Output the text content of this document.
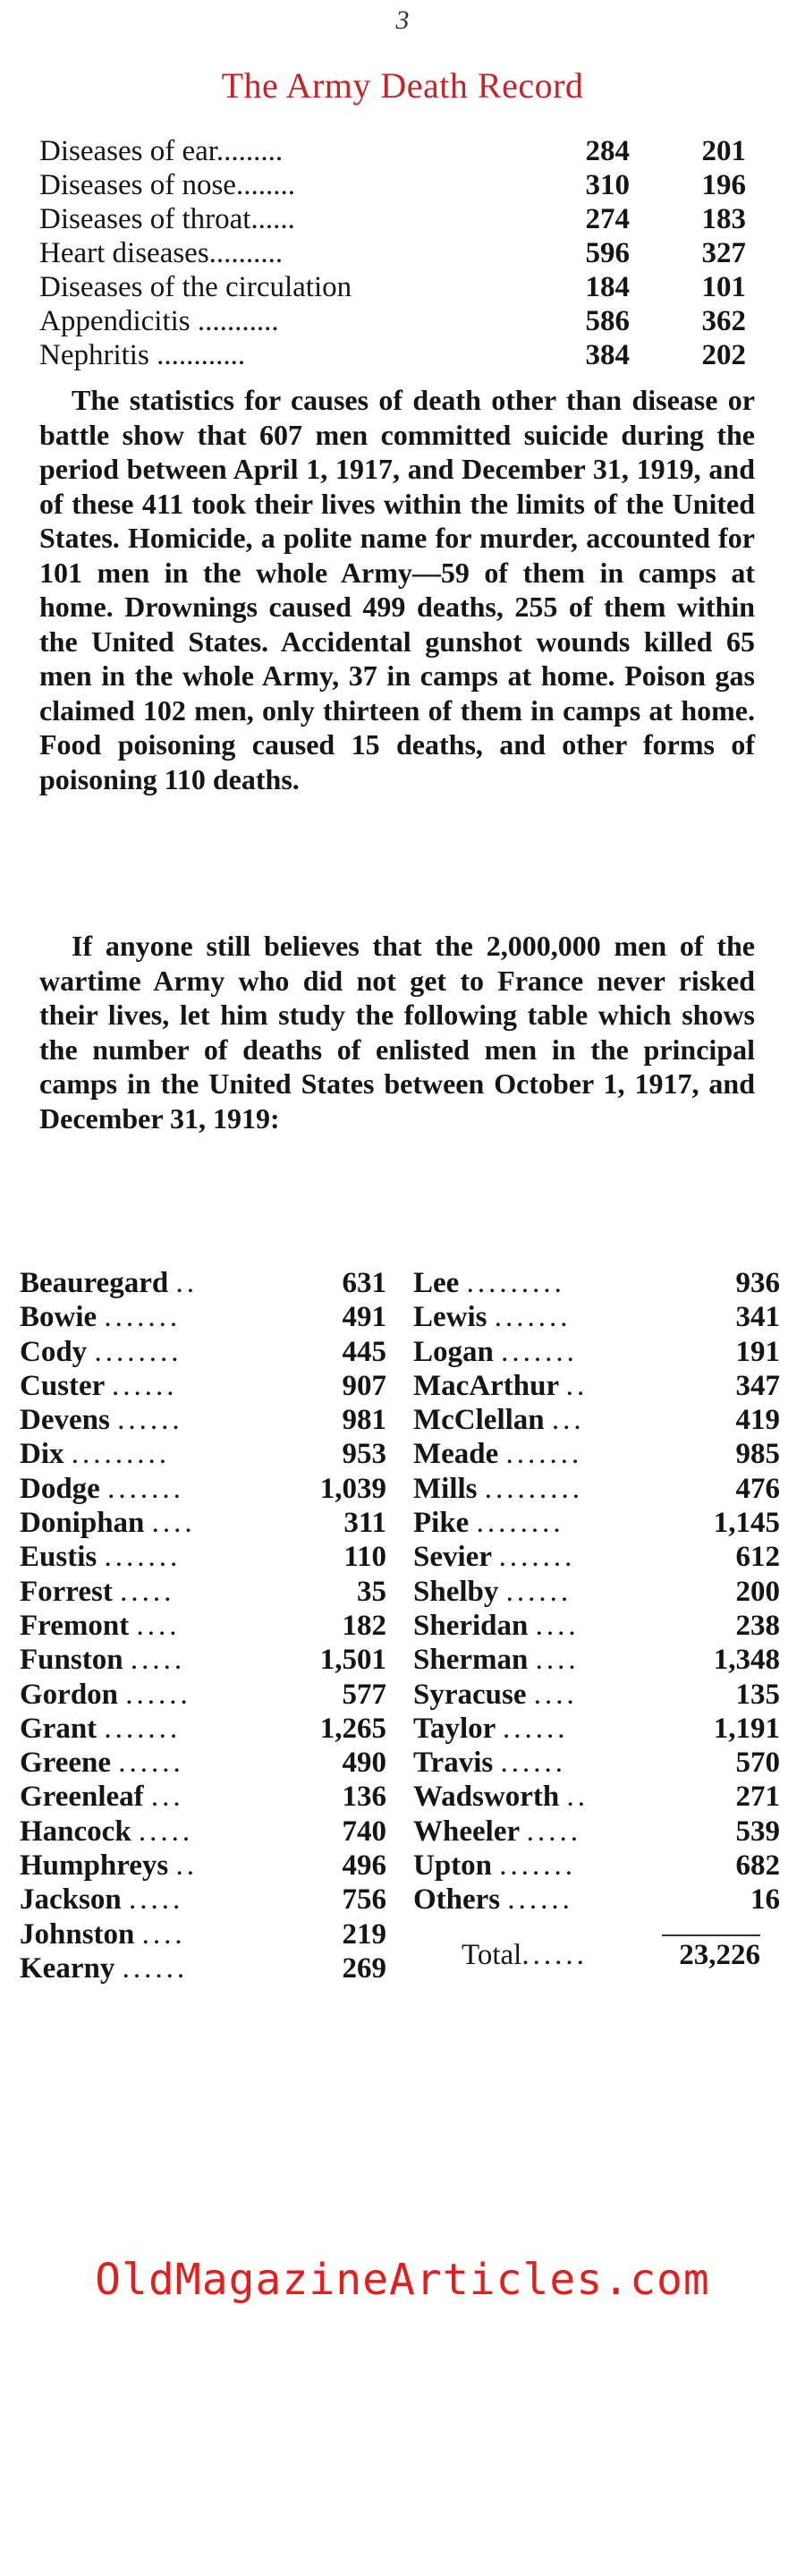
3
The Army Death Record
Diseases of ear.........	284	201
Diseases of nose........	310	196
Diseases of throat......	274	183
Heart diseases..........	596	327
Diseases of the circulation	184	101
Appendicitis ...........	586	362
Nephritis ............	384	202

The statistics for causes of death other than disease or battle show that 607 men committed suicide during the period between April 1, 1917, and December 31, 1919, and of these 411 took their lives within the limits of the United States. Homicide, a polite name for murder, accounted for 101 men in the whole Army—59 of them in camps at home. Drownings caused 499 deaths, 255 of them within the United States. Accidental gunshot wounds killed 65 men in the whole Army, 37 in camps at home. Poison gas claimed 102 men, only thirteen of them in camps at home. Food poisoning caused 15 deaths, and other forms of poisoning 110 deaths.

If anyone still believes that the 2,000,000 men of the wartime Army who did not get to France never risked their lives, let him study the following table which shows the number of deaths of enlisted men in the principal camps in the United States between October 1, 1917, and December 31, 1919:

Beauregard ..	631
Bowie .......	491
Cody ........	445
Custer ......	907
Devens ......	981
Dix .........	953
Dodge .......	1,039
Doniphan ....	311
Eustis .......	110
Forrest .....	35
Fremont ....	182
Funston .....	1,501
Gordon ......	577
Grant .......	1,265
Greene ......	490
Greenleaf ...	136
Hancock .....	740
Humphreys ..	496
Jackson .....	756
Johnston ....	219
Kearny ......	269
Lee .........	936
Lewis .......	341
Logan .......	191
MacArthur ..	347
McClellan ...	419
Meade .......	985
Mills .........	476
Pike ........	1,145
Sevier .......	612
Shelby ......	200
Sheridan ....	238
Sherman ....	1,348
Syracuse ....	135
Taylor ......	1,191
Travis ......	570
Wadsworth ..	271
Wheeler .....	539
Upton .......	682
Others ......	16
Total......	23,226
OldMagazineArticles.com
